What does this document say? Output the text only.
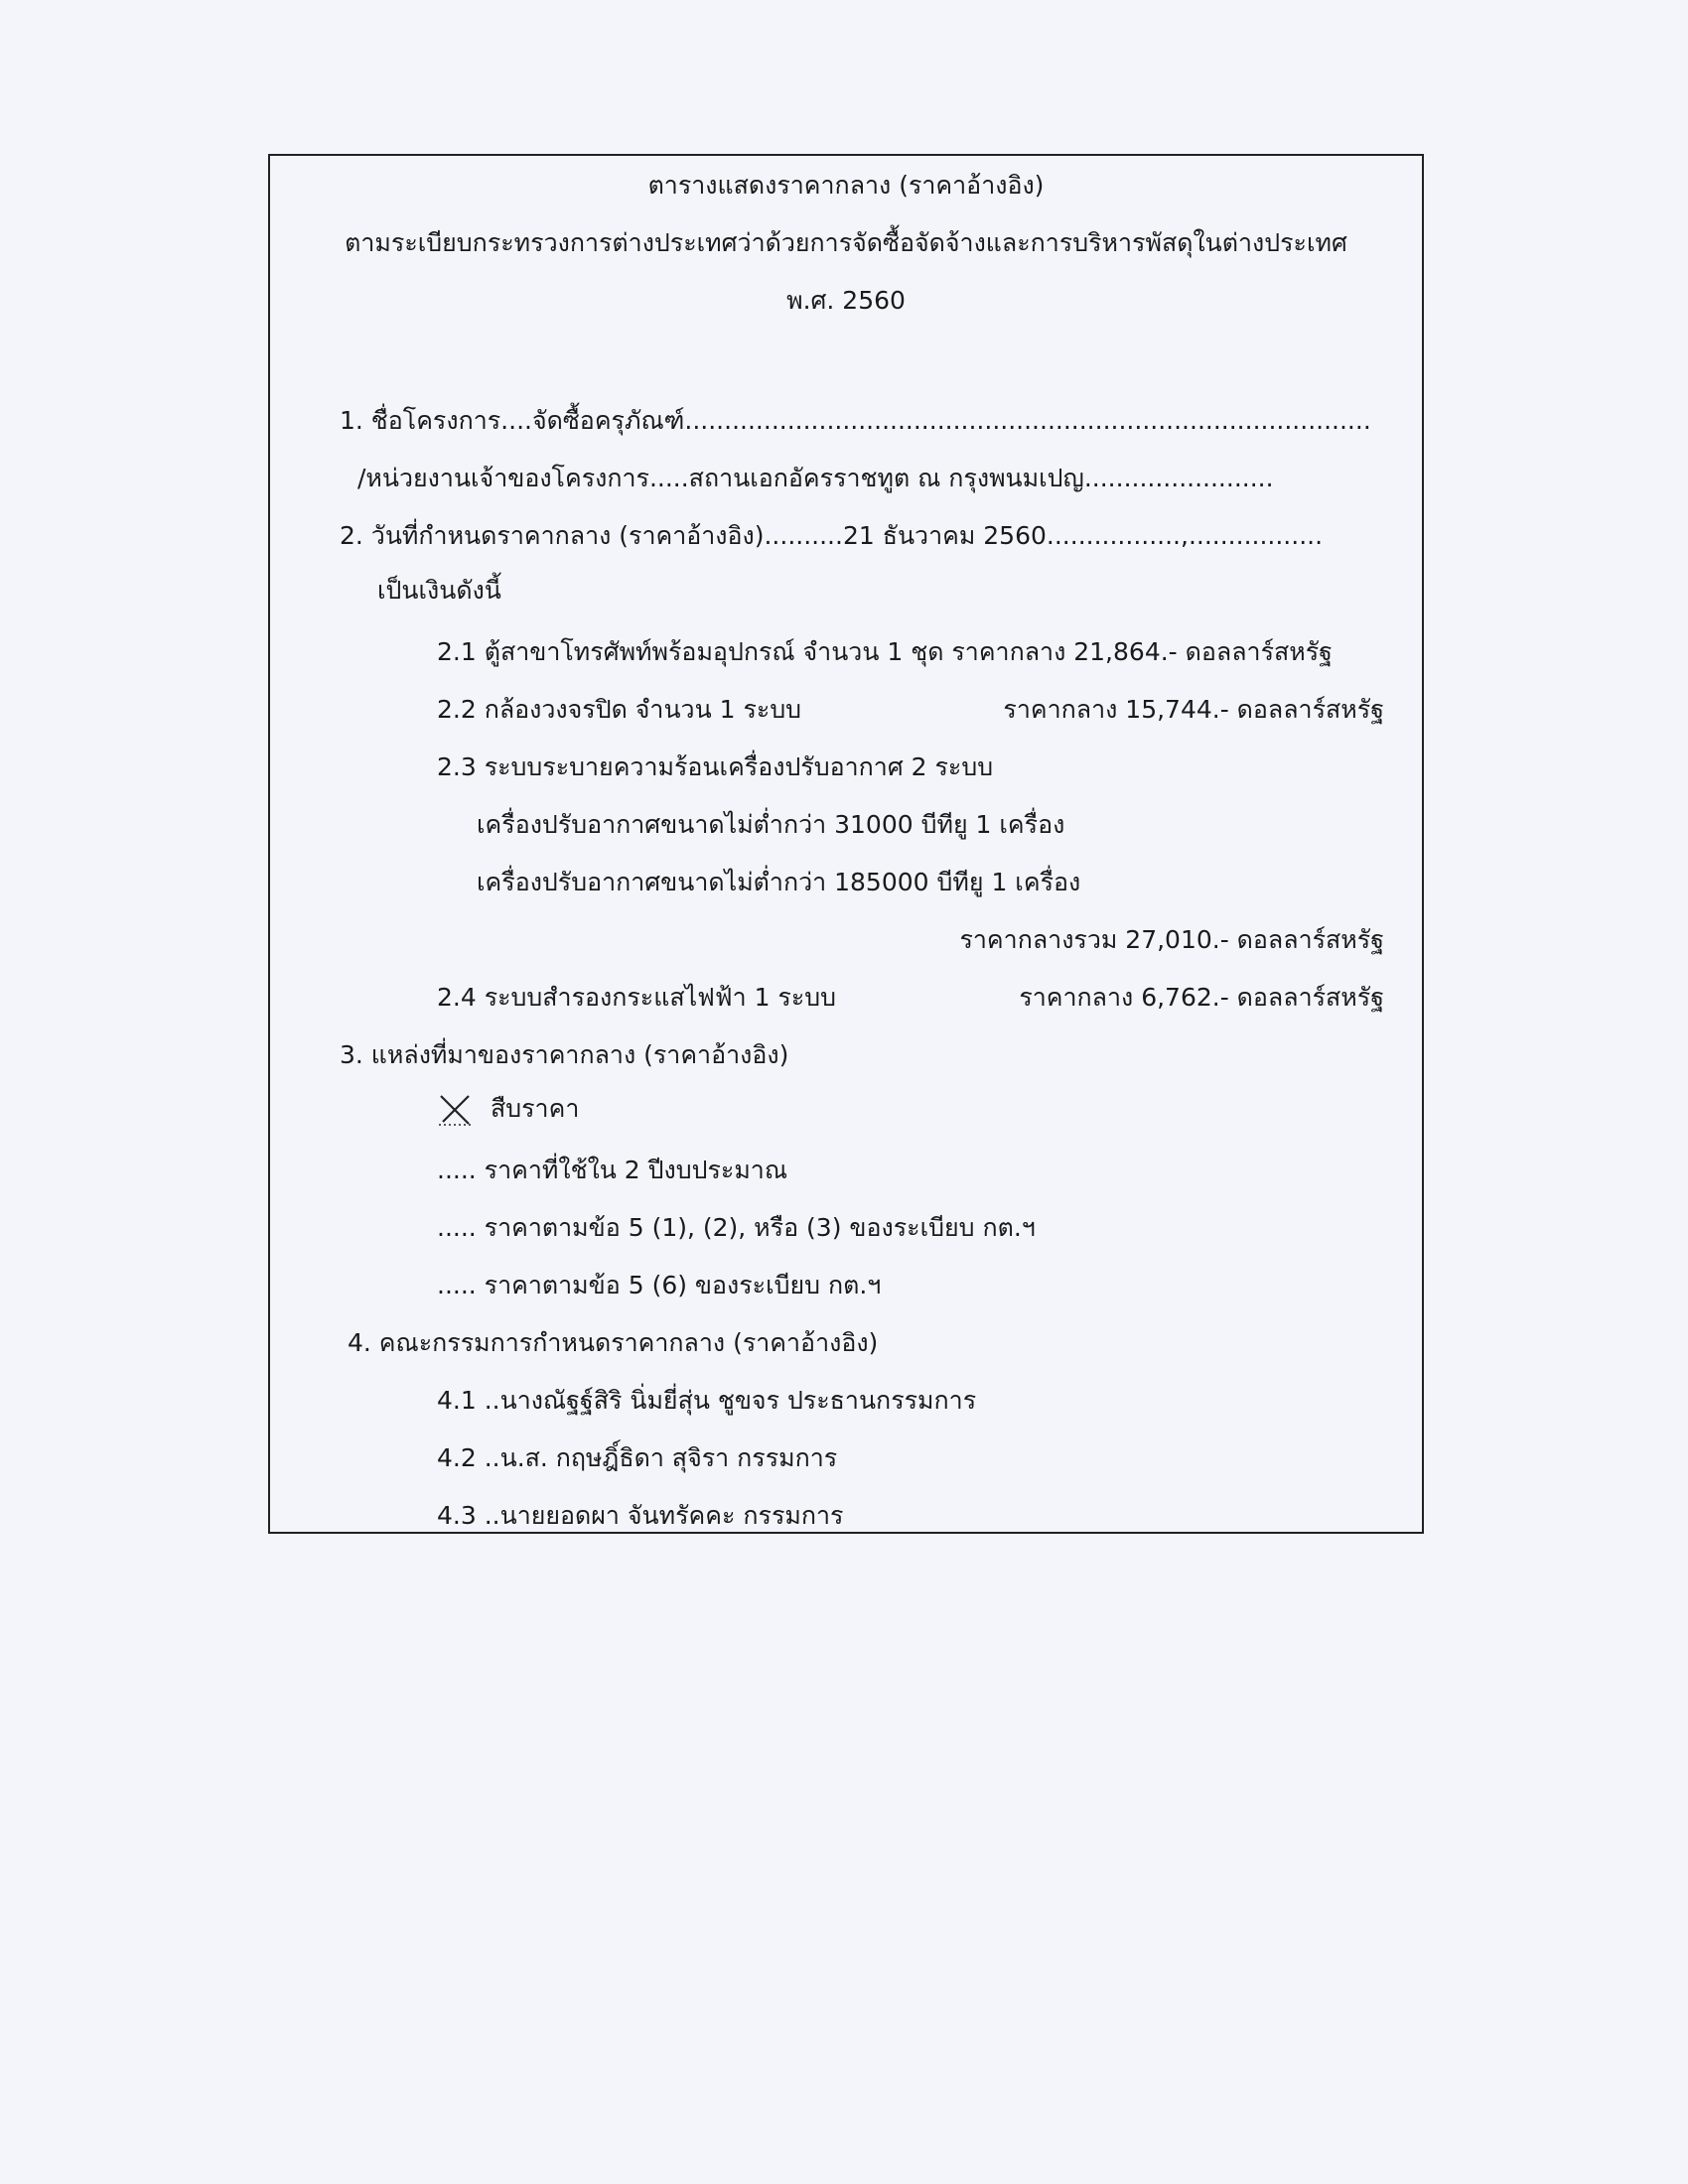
ตารางแสดงราคากลาง (ราคาอ้างอิง)
ตามระเบียบกระทรวงการต่างประเทศว่าด้วยการจัดซื้อจัดจ้างและการบริหารพัสดุในต่างประเทศ
พ.ศ. 2560
1. ชื่อโครงการ....จัดซื้อครุภัณฑ์.......................................................................................
/หน่วยงานเจ้าของโครงการ.....สถานเอกอัครราชทูต ณ กรุงพนมเปญ........................
2. วันที่กำหนดราคากลาง (ราคาอ้างอิง)..........21 ธันวาคม 2560.................,.................
เป็นเงินดังนี้
2.1 ตู้สาขาโทรศัพท์พร้อมอุปกรณ์ จำนวน 1 ชุด ราคากลาง 21,864.- ดอลลาร์สหรัฐ
2.2 กล้องวงจรปิด จำนวน 1 ระบบ	ราคากลาง 15,744.- ดอลลาร์สหรัฐ
2.3 ระบบระบายความร้อนเครื่องปรับอากาศ 2 ระบบ
เครื่องปรับอากาศขนาดไม่ต่ำกว่า 31000 บีทียู 1 เครื่อง
เครื่องปรับอากาศขนาดไม่ต่ำกว่า 185000 บีทียู 1 เครื่อง
ราคากลางรวม 27,010.- ดอลลาร์สหรัฐ
2.4 ระบบสำรองกระแสไฟฟ้า 1 ระบบ	ราคากลาง 6,762.- ดอลลาร์สหรัฐ
3. แหล่งที่มาของราคากลาง (ราคาอ้างอิง)
สืบราคา
..... ราคาที่ใช้ใน 2 ปีงบประมาณ
..... ราคาตามข้อ 5 (1), (2), หรือ (3) ของระเบียบ กต.ฯ
..... ราคาตามข้อ 5 (6) ของระเบียบ กต.ฯ
4. คณะกรรมการกำหนดราคากลาง (ราคาอ้างอิง)
4.1 ..นางณัฐฐ์สิริ นิ่มยี่สุ่น ชูขจร ประธานกรรมการ
4.2 ..น.ส. กฤษฎิ์ธิดา สุจิรา กรรมการ
4.3 ..นายยอดผา จันทรัคคะ กรรมการ
